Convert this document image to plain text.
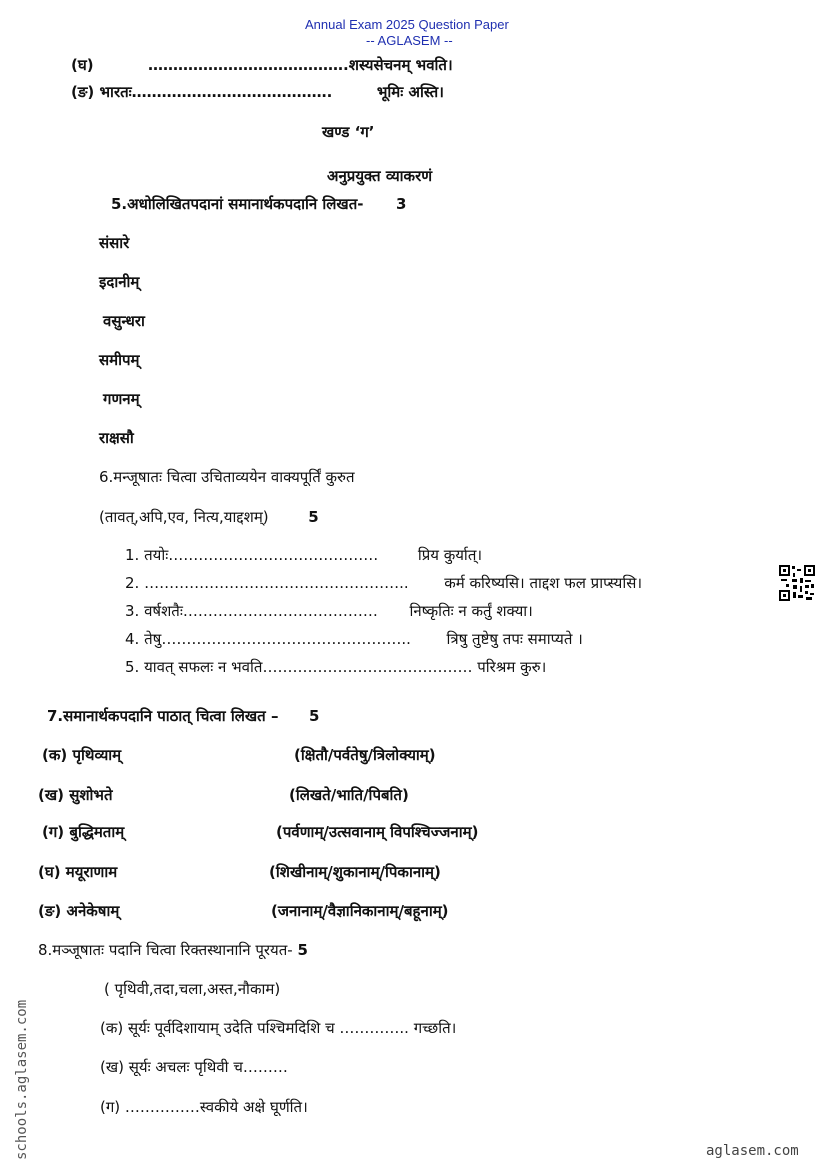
Annual Exam 2025 Question Paper
-- AGLASEM --
(घ)	………………………………….शस्यसेचनम् भवति।
(ङ) भारतः………………………………….	भूमिः अस्ति।
खण्ड ‘ग’
अनुप्रयुक्त व्याकरणं
5.अधोलिखितपदानां समानार्थकपदानि लिखत- 3
संसारे
इदानीम्
वसुन्धरा
समीपम्
गणनम्
राक्षसौ
6.मन्जूषातः चित्वा उचिताव्ययेन वाक्यपूर्तिं कुरुत
(तावत्,अपि,एव, नित्य,याद्दशम्)	5
1. तयोः……………………………………	प्रिय कुर्यात्।
2. …………………………………………….. कर्म करिष्यसि। ताद्दश फल प्राप्स्यसि।
3. वर्षशतैः………………………………… निष्कृतिः न कर्तुं शक्या।
4. तेषु………………………………………….. त्रिषु तुष्टेषु तपः समाप्यते ।
5. यावत् सफलः न भवति…………………………………… परिश्रम कुरु।
7.समानार्थकपदानि पाठात् चित्वा लिखत – 5
(क) पृथिव्याम्	(क्षितौ/पर्वतेषु/त्रिलोक्याम्)
(ख) सुशोभते	(लिखते/भाति/पिबति)
(ग) बुद्धिमताम्	(पर्वणाम्/उत्सवानाम् विपश्चिज्जनाम्)
(घ) मयूराणाम	(शिखीनाम्/शुकानाम्/पिकानाम्)
(ङ) अनेकेषाम्	(जनानाम्/वैज्ञानिकानाम्/बहूनाम्)
8.मञ्जूषातः पदानि चित्वा रिक्तस्थानानि पूरयत- 5
( पृथिवी,तदा,चला,अस्त,नौकाम)
(क) सूर्यः पूर्वदिशायाम् उदेति पश्चिमदिशि च ………….. गच्छति।
(ख) सूर्यः अचलः पृथिवी च………
(ग) ……………स्वकीये अक्षे घूर्णति।
schools.aglasem.com	aglasem.com
